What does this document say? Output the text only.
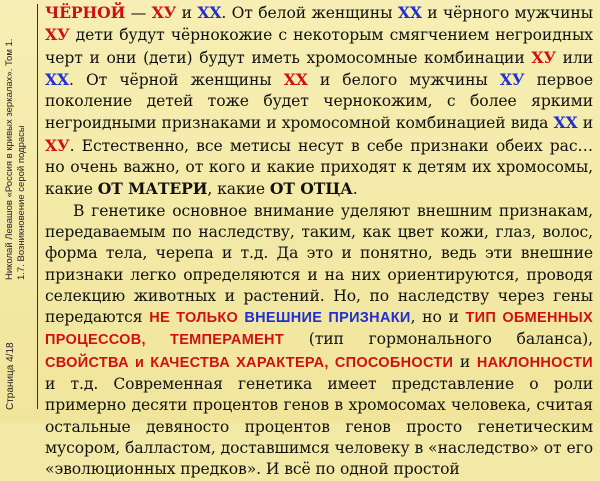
Николай Левашов «Россия в кривых зеркалах». Том 1. 1.7. Возникновение серой подрасы
Страница 4/18

ЧЁРНОЙ — ХУ и ХХ. От белой женщины ХХ и чёрного мужчины ХУ дети будут чёрнокожие с некоторым смягчением негроидных черт и они (дети) будут иметь хромосомные комбинации ХУ или ХХ. От чёрной женщины ХХ и белого мужчины ХУ первое поколение детей тоже будет чернокожим, с более яркими негроидными признаками и хромосомной комбинацией вида ХХ и ХУ. Естественно, все метисы несут в себе признаки обеих рас… но очень важно, от кого и какие приходят к детям их хромосомы, какие ОТ МАТЕРИ, какие ОТ ОТЦА.

В генетике основное внимание уделяют внешним признакам, передаваемым по наследству, таким, как цвет кожи, глаз, волос, форма тела, черепа и т.д. Да это и понятно, ведь эти внешние признаки легко определяются и на них ориентируются, проводя селекцию животных и растений. Но, по наследству через гены передаются НЕ ТОЛЬКО ВНЕШНИЕ ПРИЗНАКИ, но и ТИП ОБМЕННЫХ ПРОЦЕССОВ, ТЕМПЕРАМЕНТ (тип гормонального баланса), СВОЙСТВА и КАЧЕСТВА ХАРАКТЕРА, СПОСОБНОСТИ и НАКЛОННОСТИ и т.д. Современная генетика имеет представление о роли примерно десяти процентов генов в хромосомах человека, считая остальные девяносто процентов генов просто генетическим мусором, балластом, доставшимся человеку в «наследство» от его «эволюционных предков». И всё по одной простой
